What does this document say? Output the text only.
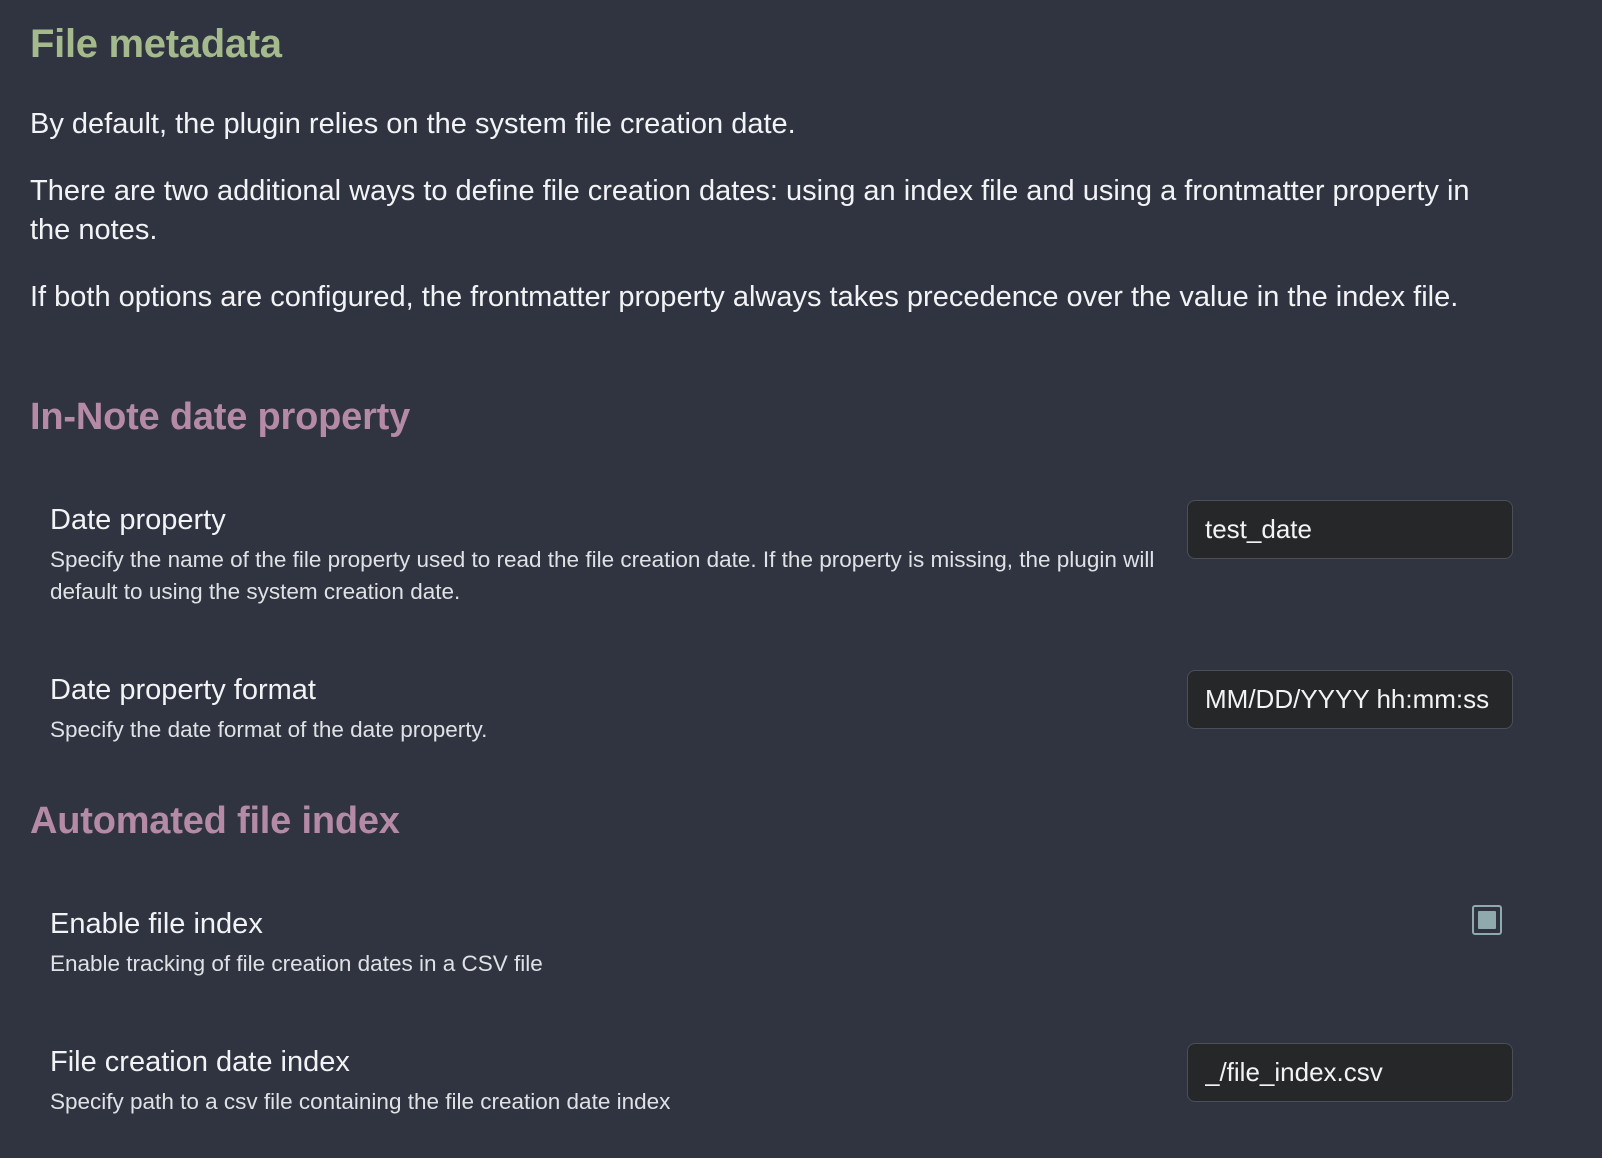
File metadata

By default, the plugin relies on the system file creation date.

There are two additional ways to define file creation dates: using an index file and using a frontmatter property in the notes.

If both options are configured, the frontmatter property always takes precedence over the value in the index file.

In-Note date property
Date property
Specify the name of the file property used to read the file creation date. If the property is missing, the plugin will default to using the system creation date.
test_date
Date property format
Specify the date format of the date property.
MM/DD/YYYY hh:mm:ss A
Automated file index
Enable file index
Enable tracking of file creation dates in a CSV file
File creation date index
Specify path to a csv file containing the file creation date index
_/file_index.csv
